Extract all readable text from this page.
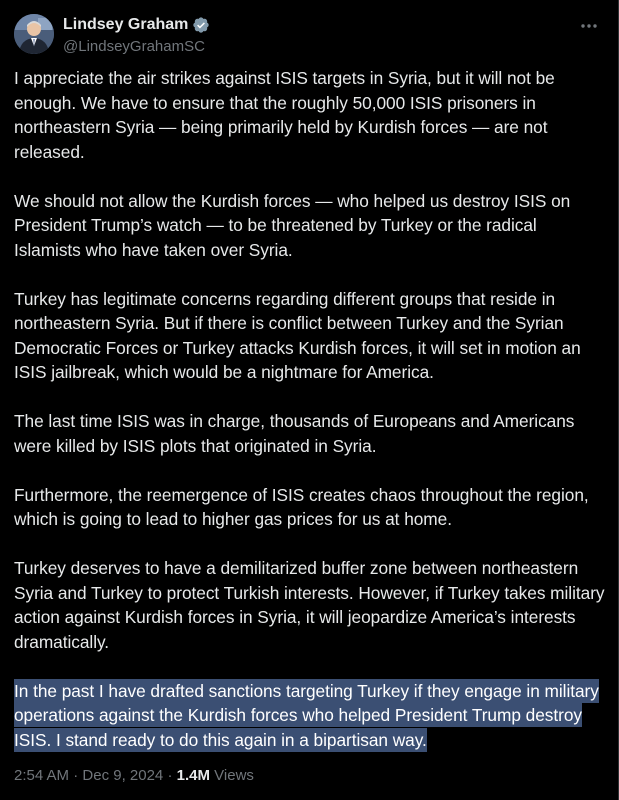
Lindsey Graham
@LindseyGrahamSC

I appreciate the air strikes against ISIS targets in Syria, but it will not be enough. We have to ensure that the roughly 50,000 ISIS prisoners in northeastern Syria — being primarily held by Kurdish forces — are not released.

We should not allow the Kurdish forces — who helped us destroy ISIS on President Trump’s watch — to be threatened by Turkey or the radical Islamists who have taken over Syria.

Turkey has legitimate concerns regarding different groups that reside in northeastern Syria. But if there is conflict between Turkey and the Syrian Democratic Forces or Turkey attacks Kurdish forces, it will set in motion an ISIS jailbreak, which would be a nightmare for America.

The last time ISIS was in charge, thousands of Europeans and Americans were killed by ISIS plots that originated in Syria.

Furthermore, the reemergence of ISIS creates chaos throughout the region, which is going to lead to higher gas prices for us at home.

Turkey deserves to have a demilitarized buffer zone between northeastern Syria and Turkey to protect Turkish interests. However, if Turkey takes military action against Kurdish forces in Syria, it will jeopardize America’s interests dramatically.

In the past I have drafted sanctions targeting Turkey if they engage in military operations against the Kurdish forces who helped President Trump destroy ISIS. I stand ready to do this again in a bipartisan way.

2:54 AM · Dec 9, 2024 · 1.4M Views
